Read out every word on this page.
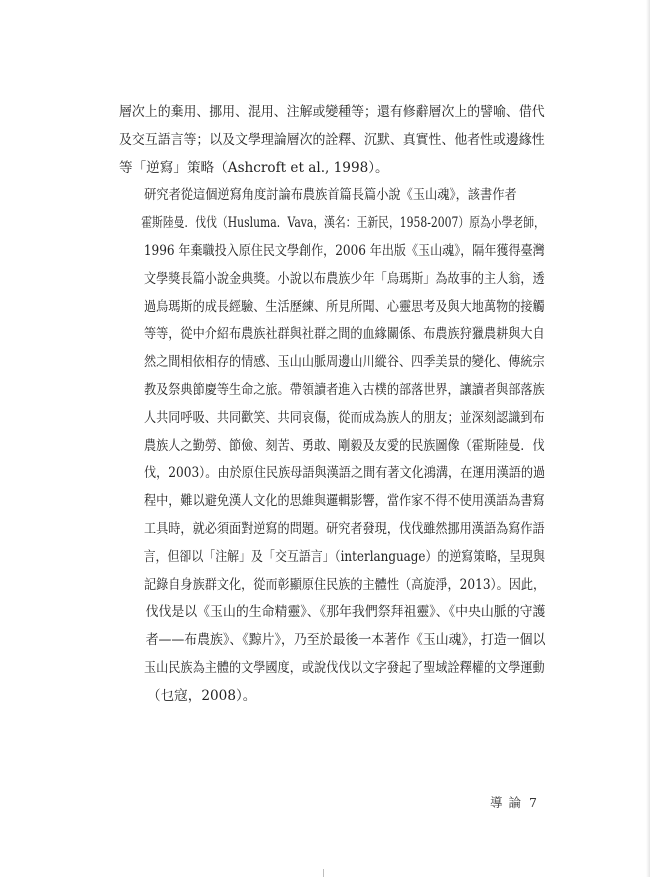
層次上的棄用、挪用、混用、注解或變種等；還有修辭層次上的譬喻、借代
及交互語言等；以及文學理論層次的詮釋、沉默、真實性、他者性或邊緣性
等「逆寫」策略（Ashcroft et al., 1998）。

研究者從這個逆寫角度討論布農族首篇長篇小說《玉山魂》，該書作者
霍斯陸曼．伐伐（Husluma．Vava，漢名：王新民，1958-2007）原為小學老師，
1996 年棄職投入原住民文學創作，2006 年出版《玉山魂》，隔年獲得臺灣
文學獎長篇小說金典獎。小說以布農族少年「烏瑪斯」為故事的主人翁，透
過烏瑪斯的成長經驗、生活歷練、所見所聞、心靈思考及與大地萬物的接觸
等等，從中介紹布農族社群與社群之間的血緣關係、布農族狩獵農耕與大自
然之間相依相存的情感、玉山山脈周邊山川縱谷、四季美景的變化、傳統宗
教及祭典節慶等生命之旅。帶領讀者進入古樸的部落世界，讓讀者與部落族
人共同呼吸、共同歡笑、共同哀傷，從而成為族人的朋友；並深刻認識到布
農族人之勤勞、節儉、刻苦、勇敢、剛毅及友愛的民族圖像（霍斯陸曼．伐
伐，2003）。由於原住民族母語與漢語之間有著文化鴻溝，在運用漢語的過
程中，難以避免漢人文化的思維與邏輯影響，當作家不得不使用漢語為書寫
工具時，就必須面對逆寫的問題。研究者發現，伐伐雖然挪用漢語為寫作語
言，但卻以「注解」及「交互語言」（interlanguage）的逆寫策略，呈現與
記錄自身族群文化，從而彰顯原住民族的主體性（高旋淨，2013）。因此，
伐伐是以《玉山的生命精靈》、《那年我們祭拜祖靈》、《中央山脈的守護
者——布農族》、《黥片》，乃至於最後一本著作《玉山魂》，打造一個以
玉山民族為主體的文學國度，或說伐伐以文字發起了聖域詮釋權的文學運動
（乜寇，2008）。

導論 7
